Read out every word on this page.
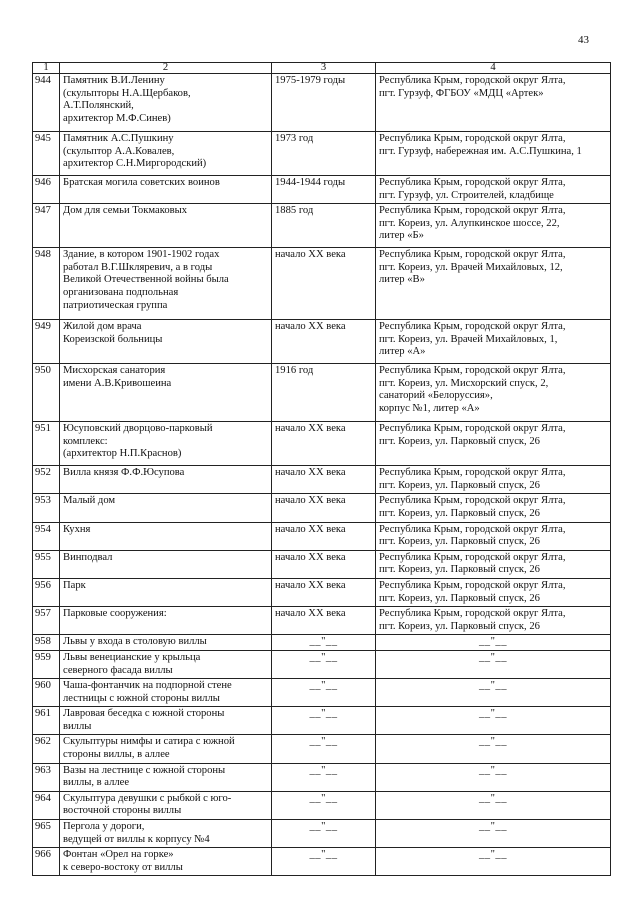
43
1	2	3	4
944	Памятник В.И.Ленину
(скульпторы Н.А.Щербаков,
А.Т.Полянский,
архитектор М.Ф.Синев)	1975-1979 годы	Республика Крым, городской округ Ялта,
пгт. Гурзуф, ФГБОУ «МДЦ «Артек»

945	Памятник А.С.Пушкину
(скульптор А.А.Ковалев,
архитектор С.Н.Миргородский)	1973 год	Республика Крым, городской округ Ялта,
пгт. Гурзуф, набережная им. А.С.Пушкина, 1

946	Братская могила советских воинов	1944-1944 годы	Республика Крым, городской округ Ялта,
пгт. Гурзуф, ул. Строителей, кладбище

947	Дом для семьи Токмаковых	1885 год	Республика Крым, городской округ Ялта,
пгт. Кореиз, ул. Алупкинское шоссе, 22,
литер «Б»

948	Здание, в котором 1901-1902 годах
работал В.Г.Шкляревич, а в годы
Великой Отечественной войны была
организована подпольная
патриотическая группа	начало XX века	Республика Крым, городской округ Ялта,
пгт. Кореиз, ул. Врачей Михайловых, 12,
литер «В»

949	Жилой дом врача
Кореизской больницы	начало XX века	Республика Крым, городской округ Ялта,
пгт. Кореиз, ул. Врачей Михайловых, 1,
литер «А»

950	Мисхорская санатория
имени А.В.Кривошеина	1916 год	Республика Крым, городской округ Ялта,
пгт. Кореиз, ул. Мисхорский спуск, 2,
санаторий «Белоруссия»,
корпус №1, литер «А»

951	Юсуповский дворцово-парковый
комплекс:
(архитектор Н.П.Краснов)	начало XX века	Республика Крым, городской округ Ялта,
пгт. Кореиз, ул. Парковый спуск, 26

952	Вилла князя Ф.Ф.Юсупова	начало XX века	Республика Крым, городской округ Ялта,
пгт. Кореиз, ул. Парковый спуск, 26

953	Малый дом	начало XX века	Республика Крым, городской округ Ялта,
пгт. Кореиз, ул. Парковый спуск, 26

954	Кухня	начало XX века	Республика Крым, городской округ Ялта,
пгт. Кореиз, ул. Парковый спуск, 26

955	Винподвал	начало XX века	Республика Крым, городской округ Ялта,
пгт. Кореиз, ул. Парковый спуск, 26

956	Парк	начало XX века	Республика Крым, городской округ Ялта,
пгт. Кореиз, ул. Парковый спуск, 26

957	Парковые сооружения:	начало XX века	Республика Крым, городской округ Ялта,
пгт. Кореиз, ул. Парковый спуск, 26

958	Львы у входа в столовую виллы	__"__	__"__

959	Львы венецианские у крыльца
северного фасада виллы	__"__	__"__

960	Чаша-фонтанчик на подпорной стене
лестницы с южной стороны виллы	__"__	__"__

961	Лавровая беседка с южной стороны
виллы	__"__	__"__

962	Скульптуры нимфы и сатира с южной
стороны виллы, в аллее	__"__	__"__

963	Вазы на лестнице с южной стороны
виллы, в аллее	__"__	__"__

964	Скульптура девушки с рыбкой с юго-
восточной стороны виллы	__"__	__"__

965	Пергола у дороги,
ведущей от виллы к корпусу №4	__"__	__"__

966	Фонтан «Орел на горке»
к северо-востоку от виллы	__"__	__"__
